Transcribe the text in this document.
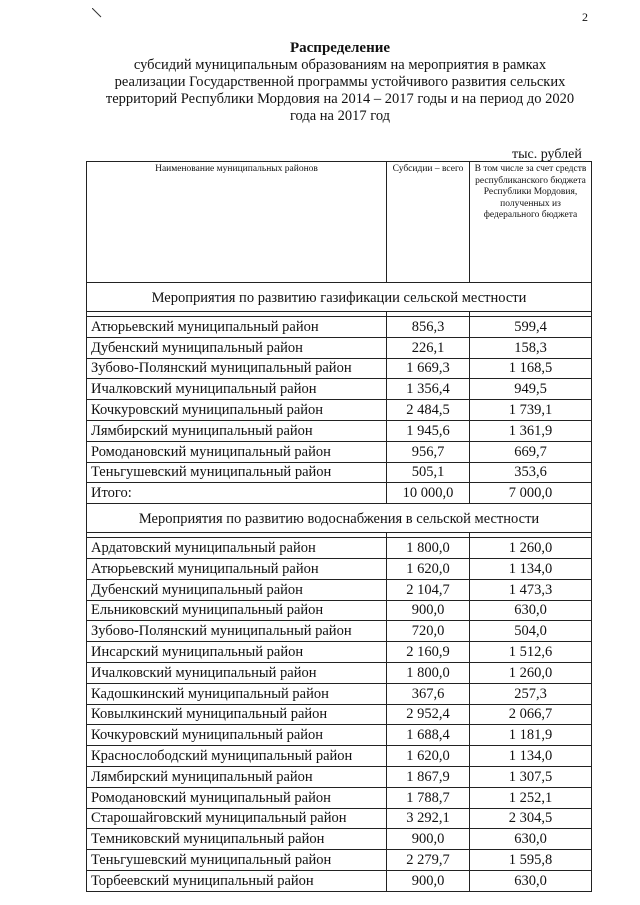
2
Распределение
субсидий муниципальным образованиям на мероприятия в рамках
реализации Государственной программы устойчивого развития сельских
территорий Республики Мордовия на 2014 – 2017 годы и на период до 2020
года на 2017 год
тыс. рублей
Наименование муниципальных районов	Субсидии – всего	В том числе за счет средств республиканского бюджета Республики Мордовия, полученных из федерального бюджета
Мероприятия по развитию газификации сельской местности		

Атюрьевский муниципальный район	856,3	599,4
Дубенский муниципальный район	226,1	158,3
Зубово-Полянский муниципальный район	1 669,3	1 168,5
Ичалковский муниципальный район	1 356,4	949,5
Кочкуровский муниципальный район	2 484,5	1 739,1
Лямбирский муниципальный район	1 945,6	1 361,9
Ромодановский муниципальный район	956,7	669,7
Теньгушевский муниципальный район	505,1	353,6
Итого:	10 000,0	7 000,0
Мероприятия по развитию водоснабжения в сельской местности		

Ардатовский муниципальный район	1 800,0	1 260,0
Атюрьевский муниципальный район	1 620,0	1 134,0
Дубенский муниципальный район	2 104,7	1 473,3
Ельниковский муниципальный район	900,0	630,0
Зубово-Полянский муниципальный район	720,0	504,0
Инсарский муниципальный район	2 160,9	1 512,6
Ичалковский муниципальный район	1 800,0	1 260,0
Кадошкинский муниципальный район	367,6	257,3
Ковылкинский муниципальный район	2 952,4	2 066,7
Кочкуровский муниципальный район	1 688,4	1 181,9
Краснослободский муниципальный район	1 620,0	1 134,0
Лямбирский муниципальный район	1 867,9	1 307,5
Ромодановский муниципальный район	1 788,7	1 252,1
Старошайговский муниципальный район	3 292,1	2 304,5
Темниковский муниципальный район	900,0	630,0
Теньгушевский муниципальный район	2 279,7	1 595,8
Торбеевский муниципальный район	900,0	630,0
